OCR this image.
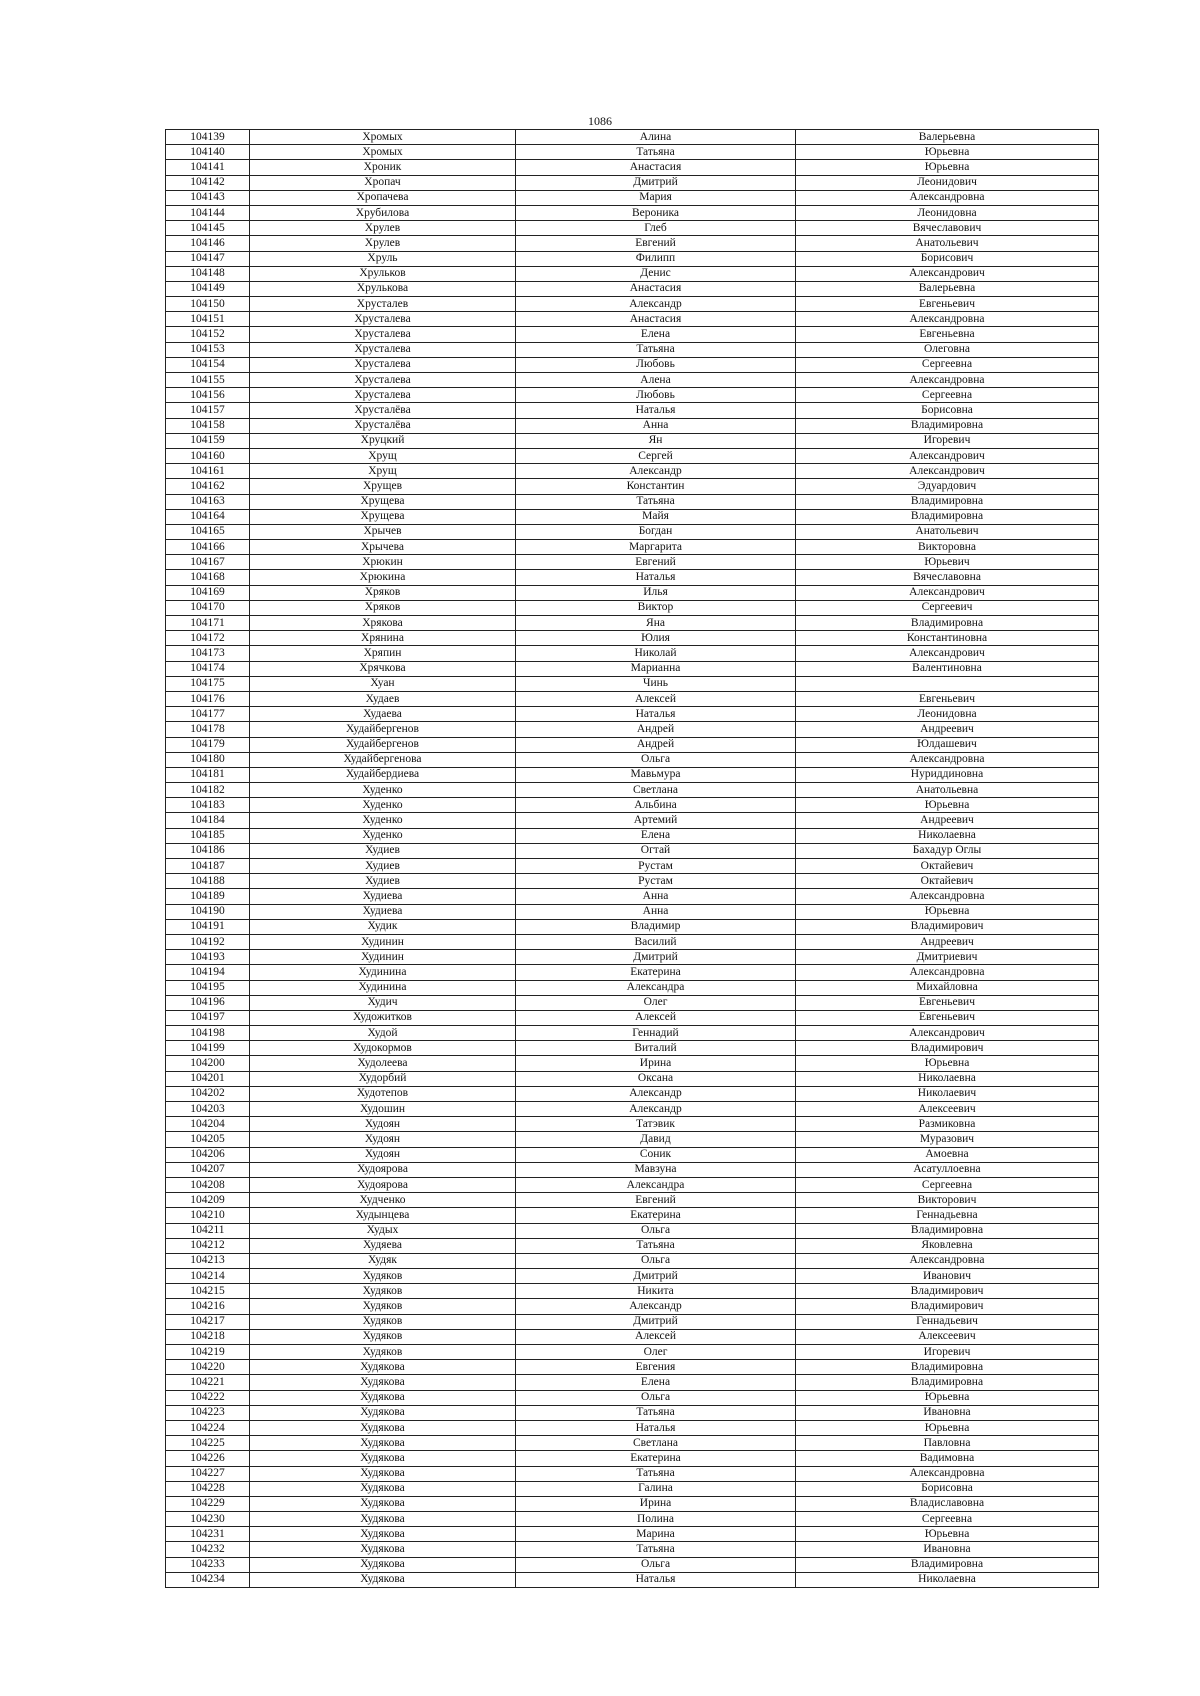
1086
104139	Хромых	Алина	Валерьевна
104140	Хромых	Татьяна	Юрьевна
104141	Хроник	Анастасия	Юрьевна
104142	Хропач	Дмитрий	Леонидович
104143	Хропачева	Мария	Александровна
104144	Хрубилова	Вероника	Леонидовна
104145	Хрулев	Глеб	Вячеславович
104146	Хрулев	Евгений	Анатольевич
104147	Хруль	Филипп	Борисович
104148	Хрульков	Денис	Александрович
104149	Хрулькова	Анастасия	Валерьевна
104150	Хрусталев	Александр	Евгеньевич
104151	Хрусталева	Анастасия	Александровна
104152	Хрусталева	Елена	Евгеньевна
104153	Хрусталева	Татьяна	Олеговна
104154	Хрусталева	Любовь	Сергеевна
104155	Хрусталева	Алена	Александровна
104156	Хрусталева	Любовь	Сергеевна
104157	Хрусталёва	Наталья	Борисовна
104158	Хрусталёва	Анна	Владимировна
104159	Хруцкий	Ян	Игоревич
104160	Хрущ	Сергей	Александрович
104161	Хрущ	Александр	Александрович
104162	Хрущев	Константин	Эдуардович
104163	Хрущева	Татьяна	Владимировна
104164	Хрущева	Майя	Владимировна
104165	Хрычев	Богдан	Анатольевич
104166	Хрычева	Маргарита	Викторовна
104167	Хрюкин	Евгений	Юрьевич
104168	Хрюкина	Наталья	Вячеславовна
104169	Хряков	Илья	Александрович
104170	Хряков	Виктор	Сергеевич
104171	Хрякова	Яна	Владимировна
104172	Хрянина	Юлия	Константиновна
104173	Хряпин	Николай	Александрович
104174	Хрячкова	Марианна	Валентиновна
104175	Хуан	Чинь	
104176	Худаев	Алексей	Евгеньевич
104177	Худаева	Наталья	Леонидовна
104178	Худайбергенов	Андрей	Андреевич
104179	Худайбергенов	Андрей	Юлдашевич
104180	Худайбергенова	Ольга	Александровна
104181	Худайбердиева	Мавьмура	Нуриддиновна
104182	Худенко	Светлана	Анатольевна
104183	Худенко	Альбина	Юрьевна
104184	Худенко	Артемий	Андреевич
104185	Худенко	Елена	Николаевна
104186	Худиев	Огтай	Бахадур Оглы
104187	Худиев	Рустам	Октайевич
104188	Худиев	Рустам	Октайевич
104189	Худиева	Анна	Александровна
104190	Худиева	Анна	Юрьевна
104191	Худик	Владимир	Владимирович
104192	Худинин	Василий	Андреевич
104193	Худинин	Дмитрий	Дмитриевич
104194	Худинина	Екатерина	Александровна
104195	Худинина	Александра	Михайловна
104196	Худич	Олег	Евгеньевич
104197	Художитков	Алексей	Евгеньевич
104198	Худой	Геннадий	Александрович
104199	Худокормов	Виталий	Владимирович
104200	Худолеева	Ирина	Юрьевна
104201	Худорбий	Оксана	Николаевна
104202	Худотепов	Александр	Николаевич
104203	Худошин	Александр	Алексеевич
104204	Худоян	Татэвик	Размиковна
104205	Худоян	Давид	Муразович
104206	Худоян	Соник	Амоевна
104207	Худоярова	Мавзуна	Асатуллоевна
104208	Худоярова	Александра	Сергеевна
104209	Худченко	Евгений	Викторович
104210	Худынцева	Екатерина	Геннадьевна
104211	Худых	Ольга	Владимировна
104212	Худяева	Татьяна	Яковлевна
104213	Худяк	Ольга	Александровна
104214	Худяков	Дмитрий	Иванович
104215	Худяков	Никита	Владимирович
104216	Худяков	Александр	Владимирович
104217	Худяков	Дмитрий	Геннадьевич
104218	Худяков	Алексей	Алексеевич
104219	Худяков	Олег	Игоревич
104220	Худякова	Евгения	Владимировна
104221	Худякова	Елена	Владимировна
104222	Худякова	Ольга	Юрьевна
104223	Худякова	Татьяна	Ивановна
104224	Худякова	Наталья	Юрьевна
104225	Худякова	Светлана	Павловна
104226	Худякова	Екатерина	Вадимовна
104227	Худякова	Татьяна	Александровна
104228	Худякова	Галина	Борисовна
104229	Худякова	Ирина	Владиславовна
104230	Худякова	Полина	Сергеевна
104231	Худякова	Марина	Юрьевна
104232	Худякова	Татьяна	Ивановна
104233	Худякова	Ольга	Владимировна
104234	Худякова	Наталья	Николаевна
